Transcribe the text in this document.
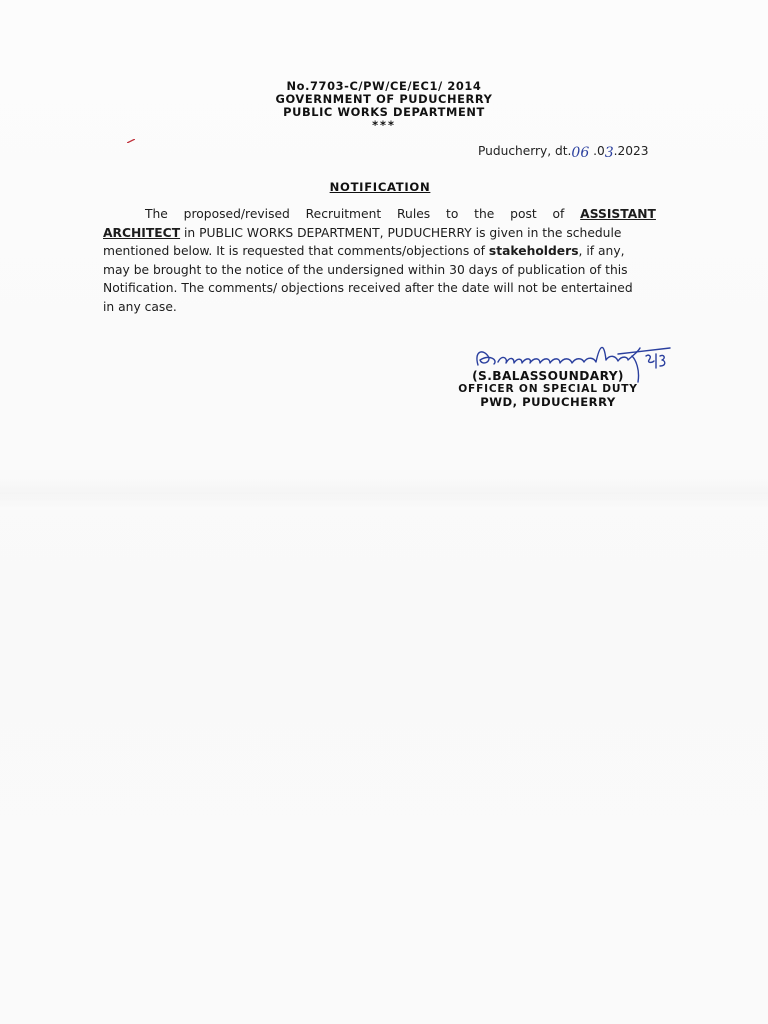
No.7703-C/PW/CE/EC1/ 2014
GOVERNMENT OF PUDUCHERRY
PUBLIC WORKS DEPARTMENT
***
Puducherry, dt.06 .03.2023
NOTIFICATION
The proposed/revised Recruitment Rules to the post of ASSISTANT
ARCHITECT in PUBLIC WORKS DEPARTMENT, PUDUCHERRY is given in the schedule
mentioned below. It is requested that comments/objections of stakeholders, if any,
may be brought to the notice of the undersigned within 30 days of publication of this
Notification. The comments/ objections received after the date will not be entertained
in any case.
(S.BALASSOUNDARY)
OFFICER ON SPECIAL DUTY
PWD, PUDUCHERRY
